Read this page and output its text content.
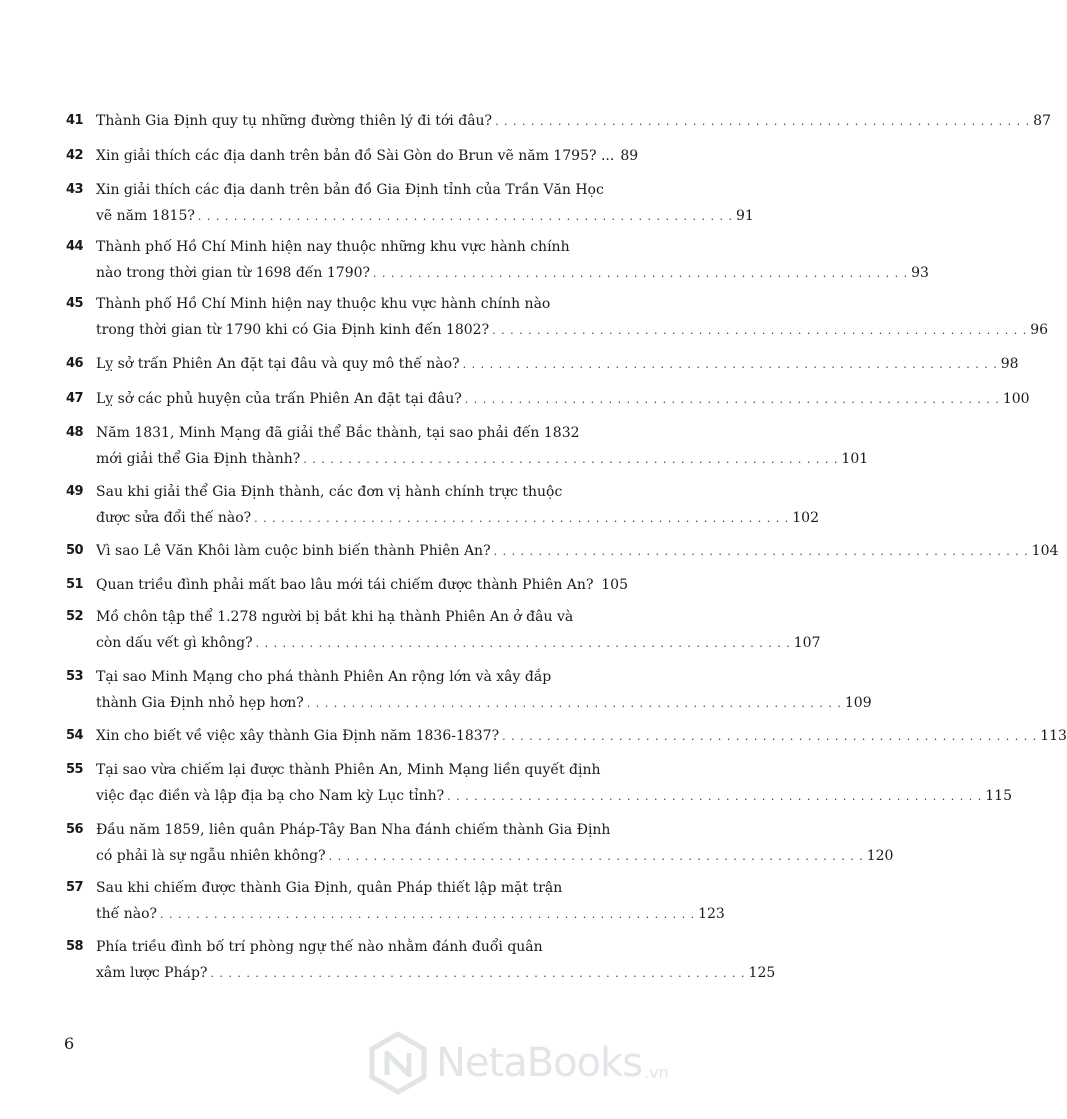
41 Thành Gia Định quy tụ những đường thiên lý đi tới đâu? . . . . . . . . . . . . . . . . . . . . . . . . . . . . . . . . . . . . . . . . . . . . . . . . . . . . . . . . . . . . 87
42 Xin giải thích các địa danh trên bản đồ Sài Gòn do Brun vẽ năm 1795? ... 89
43 Xin giải thích các địa danh trên bản đồ Gia Định tỉnh của Trần Văn Học
vẽ năm 1815? . . . . . . . . . . . . . . . . . . . . . . . . . . . . . . . . . . . . . . . . . . . . . . . . . . . . . . . . . . . . 91
44 Thành phố Hồ Chí Minh hiện nay thuộc những khu vực hành chính
nào trong thời gian từ 1698 đến 1790? . . . . . . . . . . . . . . . . . . . . . . . . . . . . . . . . . . . . . . . . . . . . . . . . . . . . . . . . . . . . 93
45 Thành phố Hồ Chí Minh hiện nay thuộc khu vực hành chính nào
trong thời gian từ 1790 khi có Gia Định kinh đến 1802? . . . . . . . . . . . . . . . . . . . . . . . . . . . . . . . . . . . . . . . . . . . . . . . . . . . . . . . . . . . . 96
46 Lỵ sở trấn Phiên An đặt tại đâu và quy mô thế nào? . . . . . . . . . . . . . . . . . . . . . . . . . . . . . . . . . . . . . . . . . . . . . . . . . . . . . . . . . . . . 98
47 Lỵ sở các phủ huyện của trấn Phiên An đặt tại đâu? . . . . . . . . . . . . . . . . . . . . . . . . . . . . . . . . . . . . . . . . . . . . . . . . . . . . . . . . . . . . 100
48 Năm 1831, Minh Mạng đã giải thể Bắc thành, tại sao phải đến 1832
mới giải thể Gia Định thành? . . . . . . . . . . . . . . . . . . . . . . . . . . . . . . . . . . . . . . . . . . . . . . . . . . . . . . . . . . . . 101
49 Sau khi giải thể Gia Định thành, các đơn vị hành chính trực thuộc
được sửa đổi thế nào? . . . . . . . . . . . . . . . . . . . . . . . . . . . . . . . . . . . . . . . . . . . . . . . . . . . . . . . . . . . . 102
50 Vì sao Lê Văn Khôi làm cuộc binh biến thành Phiên An? . . . . . . . . . . . . . . . . . . . . . . . . . . . . . . . . . . . . . . . . . . . . . . . . . . . . . . . . . . . . 104
51 Quan triều đình phải mất bao lâu mới tái chiếm được thành Phiên An? 105
52 Mồ chôn tập thể 1.278 người bị bắt khi hạ thành Phiên An ở đâu và
còn dấu vết gì không? . . . . . . . . . . . . . . . . . . . . . . . . . . . . . . . . . . . . . . . . . . . . . . . . . . . . . . . . . . . . 107
53 Tại sao Minh Mạng cho phá thành Phiên An rộng lớn và xây đắp
thành Gia Định nhỏ hẹp hơn? . . . . . . . . . . . . . . . . . . . . . . . . . . . . . . . . . . . . . . . . . . . . . . . . . . . . . . . . . . . . 109
54 Xin cho biết về việc xây thành Gia Định năm 1836-1837? . . . . . . . . . . . . . . . . . . . . . . . . . . . . . . . . . . . . . . . . . . . . . . . . . . . . . . . . . . . . 113
55 Tại sao vừa chiếm lại được thành Phiên An, Minh Mạng liền quyết định
việc đạc điền và lập địa bạ cho Nam kỳ Lục tỉnh? . . . . . . . . . . . . . . . . . . . . . . . . . . . . . . . . . . . . . . . . . . . . . . . . . . . . . . . . . . . . 115
56 Đầu năm 1859, liên quân Pháp-Tây Ban Nha đánh chiếm thành Gia Định
có phải là sự ngẫu nhiên không? . . . . . . . . . . . . . . . . . . . . . . . . . . . . . . . . . . . . . . . . . . . . . . . . . . . . . . . . . . . . 120
57 Sau khi chiếm được thành Gia Định, quân Pháp thiết lập mặt trận
thế nào? . . . . . . . . . . . . . . . . . . . . . . . . . . . . . . . . . . . . . . . . . . . . . . . . . . . . . . . . . . . . 123
58 Phía triều đình bố trí phòng ngự thế nào nhằm đánh đuổi quân
xâm lược Pháp? . . . . . . . . . . . . . . . . . . . . . . . . . . . . . . . . . . . . . . . . . . . . . . . . . . . . . . . . . . . . 125
6	NetaBooks .vn
